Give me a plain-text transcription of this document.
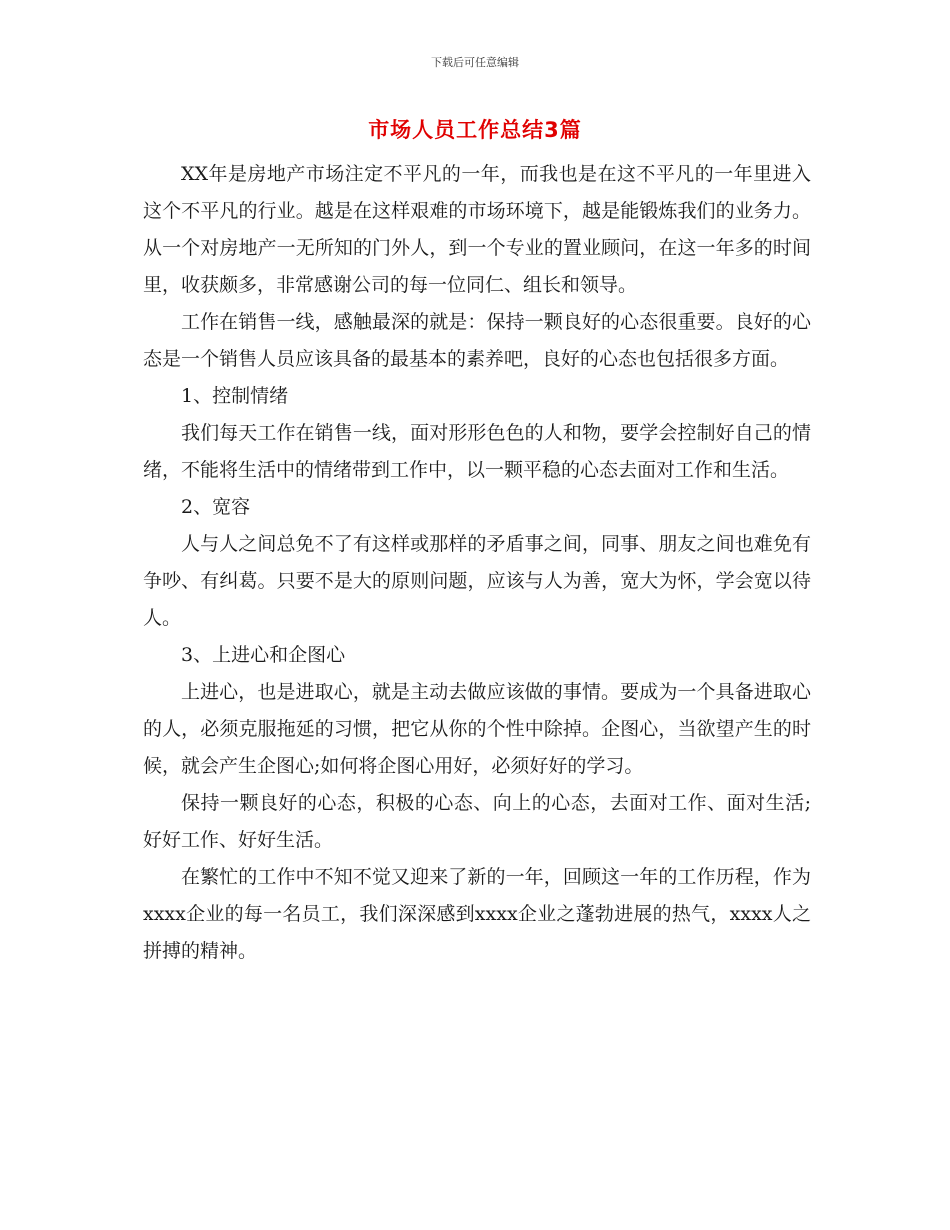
下载后可任意编辑
市场人员工作总结3篇

XX年是房地产市场注定不平凡的一年，而我也是在这不平凡的一年里进入这个不平凡的行业。越是在这样艰难的市场环境下，越是能锻炼我们的业务力。从一个对房地产一无所知的门外人，到一个专业的置业顾问，在这一年多的时间里，收获颇多，非常感谢公司的每一位同仁、组长和领导。

工作在销售一线，感触最深的就是：保持一颗良好的心态很重要。良好的心态是一个销售人员应该具备的最基本的素养吧，良好的心态也包括很多方面。

1、控制情绪

我们每天工作在销售一线，面对形形色色的人和物，要学会控制好自己的情绪，不能将生活中的情绪带到工作中，以一颗平稳的心态去面对工作和生活。

2、宽容

人与人之间总免不了有这样或那样的矛盾事之间，同事、朋友之间也难免有争吵、有纠葛。只要不是大的原则问题，应该与人为善，宽大为怀，学会宽以待人。

3、上进心和企图心

上进心，也是进取心，就是主动去做应该做的事情。要成为一个具备进取心的人，必须克服拖延的习惯，把它从你的个性中除掉。企图心，当欲望产生的时候，就会产生企图心;如何将企图心用好，必须好好的学习。

保持一颗良好的心态，积极的心态、向上的心态，去面对工作、面对生活;好好工作、好好生活。

在繁忙的工作中不知不觉又迎来了新的一年，回顾这一年的工作历程，作为xxxx企业的每一名员工，我们深深感到xxxx企业之蓬勃进展的热气，xxxx人之拼搏的精神。
